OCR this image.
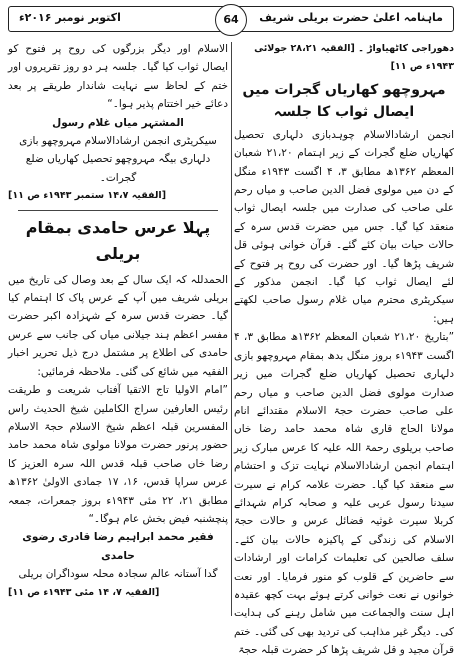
ماہنامہ اعلیٰ حضرت بریلی شریف
64
اکتوبر نومبر ۲۰۱۶ء
دھوراجی کاٹھیاواڑ ۔ [الفقیہ ۲۸،۲۱ جولائی ۱۹۴۳ء ص ۱۱]
مہروچھو کھاریاں گجرات میں ایصال ثواب کا جلسہ

انجمن ارشادالاسلام چوہدبازی دلہاری تحصیل کھاریاں ضلع گجرات کے زیر اہتمام ۲۱،۲۰ شعبان المعظم ۱۳۶۲ھ مطابق ۳، ۴ اگست ۱۹۴۳ء منگل کے دن میں مولوی فضل الدین صاحب و میاں رحم علی صاحب کی صدارت میں جلسہ ایصال ثواب منعقد کیا گیا۔ جس میں حضرت قدس سرہ کے حالات حیات بیان کئے گئے۔ قرآن خوانی ہوئی قل شریف پڑھا گیا۔ اور حضرت کی روح پر فتوح کے لئے ایصال ثواب کیا گیا۔ انجمن مذکور کے سیکریٹری محترم میاں غلام رسول صاحب لکھتے ہیں:

”بتاریخ ۲۱،۲۰ شعبان المعظم ۱۳۶۲ھ مطابق ۳، ۴ اگست ۱۹۴۳ء بروز منگل بدھ بمقام مہروچھو بازی دلہاری تحصیل کھاریاں ضلع گجرات میں زیر صدارت مولوی فضل الدین صاحب و میاں رحم علی صاحب حضرت حجۃ الاسلام مقتدائے انام مولانا الحاج قاری شاہ محمد حامد رضا خاں صاحب بریلوی رحمۃ اللہ علیہ کا عرس مبارک زیر اہتمام انجمن ارشادالاسلام نہایت تزک و احتشام سے منعقد کیا گیا۔ حضرت علامہ کرام نے سیرت سیدنا رسول عربی علیہ و صحابہ کرام شہدائے کربلا سیرت غوثیہ فضائل عرس و حالات حجۃ الاسلام کی زندگی کے پاکیزہ حالات بیان کئے۔ سلف صالحین کی تعلیمات کرامات اور ارشادات سے حاضرین کے قلوب کو منور فرمایا۔ اور نعت خوانوں نے نعت خوانی کرتے ہوئے بہت کچھ عقیدہ اہل سنت والجماعت میں شامل رہنے کی ہدایت کی۔ دیگر غیر مذاہب کی تردید بھی کی گئی۔ ختم قرآن مجید و قل شریف پڑھا کر حضرت قبلہ حجۃ

الاسلام اور دیگر بزرگوں کی روح پر فتوح کو ایصال ثواب کیا گیا۔ جلسہ ہر دو روز تقریروں اور ختم کے لحاظ سے نہایت شاندار طریقے پر بعد دعائے خیر اختتام پذیر ہوا۔“

المشتہر میاں غلام رسول
سیکریٹری انجمن ارشادالاسلام مہروچھو بازی دلہاری بیگہ مہروچھو تحصیل کھاریاں ضلع گجرات۔
[الفقیہ ۱۴،۷ ستمبر ۱۹۴۳ء ص ۱۱]
پہلا عرس حامدی بمقام بریلی

الحمدللہ کہ ایک سال کے بعد وصال کی تاریخ میں بریلی شریف میں آپ کے عرس پاک کا اہتمام کیا گیا۔ حضرت قدس سرہ کے شہزادہ اکبر حضرت مفسر اعظم ہند جیلانی میاں کی جانب سے عرس حامدی کی اطلاع پر مشتمل درج ذیل تحریر اخبار الفقیہ میں شائع کی گئی۔ ملاحظہ فرمائیں:

”امام الاولیا تاج الاتقیا آفتاب شریعت و طریقت رئیس العارفین سراج الکاملین شیخ الحدیث راس المفسرین قبلہ اعظم شیخ الاسلام حجۃ الاسلام حضور پرنور حضرت مولانا مولوی شاہ محمد حامد رضا خاں صاحب قبلہ قدس اللہ سرہ العزیز کا عرس سراپا قدس، ۱۶، ۱۷ جمادی الاولیٰ ۱۳۶۲ھ مطابق ۲۱، ۲۲ مئی ۱۹۴۳ء بروز جمعرات، جمعہ پنچشنبہ فیض بخش عام ہوگا۔“

فقیر محمد ابراہیم رضا قادری رضوی حامدی
گدا آستانہ عالم سجادہ محلہ سوداگران بریلی
[الفقیہ ۷، ۱۴ مئی ۱۹۴۳ء ص ۱۱]
